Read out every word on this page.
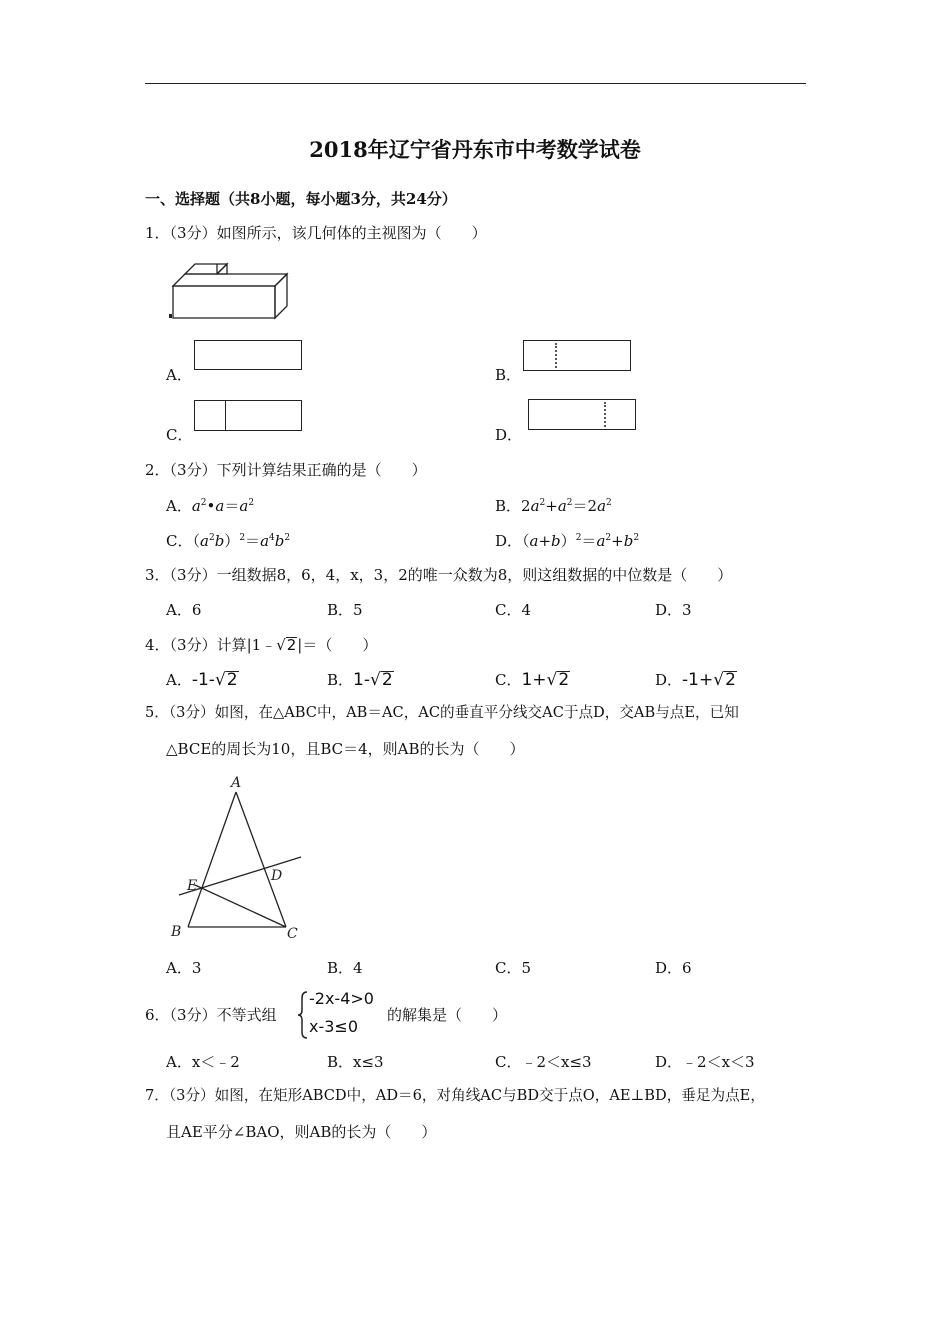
2018年辽宁省丹东市中考数学试卷
一、选择题（共8小题，每小题3分，共24分）
1．（3分）如图所示，该几何体的主视图为（　　）
A．	B．
C．	D．
2．（3分）下列计算结果正确的是（　　）
A．$a^2•a=a^2$	B．$2a^2+a^2=2a^2$
C．$(a^2b)^2=a^4b^2$	D．$(a+b)^2=a^2+b^2$
3．（3分）一组数据8，6，4，x，3，2的唯一众数为8，则这组数据的中位数是（　　）
A．6	B．5	C．4	D．3
4．（3分）计算|1﹣√2|＝（　　）
A．-1-√2	B．1-√2	C．1+√2	D．-1+√2
5．（3分）如图，在△ABC中，AB＝AC，AC的垂直平分线交AC于点D，交AB与点E，已知
△BCE的周长为10，且BC＝4，则AB的长为（　　）
A
B	C
D
E
A．3	B．4	C．5	D．6
6．（3分）不等式组
-2x-4>0
x-3≤0
的解集是（　　）
A．x＜﹣2	B．x≤3	C．﹣2＜x≤3	D．﹣2＜x＜3
7．（3分）如图，在矩形ABCD中，AD＝6，对角线AC与BD交于点O，AE⊥BD，垂足为点E，
且AE平分∠BAO，则AB的长为（　　）
